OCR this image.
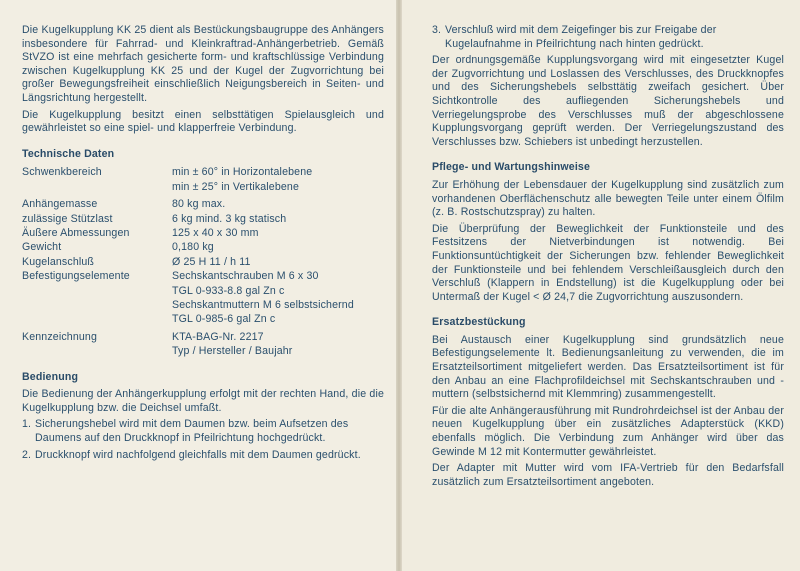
Die Kugelkupplung KK 25 dient als Bestückungsbaugruppe des Anhängers insbesondere für Fahrrad- und Kleinkraftrad-Anhängerbetrieb. Gemäß StVZO ist eine mehrfach gesicherte form- und kraftschlüssige Verbindung zwischen Kugelkupplung KK 25 und der Kugel der Zugvorrichtung bei großer Bewegungsfreiheit einschließlich Neigungsbereich in Seiten- und Längsrichtung hergestellt.

Die Kugelkupplung besitzt einen selbsttätigen Spielausgleich und gewährleistet so eine spiel- und klapperfreie Verbindung.

Technische Daten
Schwenkbereich	min ± 60° in Horizontalebene
min ± 25° in Vertikalebene

Anhängemasse	80 kg max.

zulässige Stützlast	6 kg mind. 3 kg statisch

Äußere Abmessungen	125 x 40 x 30 mm

Gewicht	0,180 kg

Kugelanschluß	Ø 25 H 11 / h 11

Befestigungselemente	Sechskantschrauben M 6 x 30
TGL 0-933-8.8 gal Zn c
Sechskantmuttern M 6 selbstsichernd
TGL 0-985-6 gal Zn c

Kennzeichnung	KTA-BAG-Nr. 2217
Typ / Hersteller / Baujahr
Bedienung

Die Bedienung der Anhängerkupplung erfolgt mit der rechten Hand, die die Kugelkupplung bzw. die Deichsel umfaßt.

1. Sicherungshebel wird mit dem Daumen bzw. beim Aufsetzen des Daumens auf den Druckknopf in Pfeilrichtung hochgedrückt.
2. Druckknopf wird nachfolgend gleichfalls mit dem Daumen gedrückt.
3. Verschluß wird mit dem Zeigefinger bis zur Freigabe der Kugelaufnahme in Pfeilrichtung nach hinten gedrückt.

Der ordnungsgemäße Kupplungsvorgang wird mit eingesetzter Kugel der Zugvorrichtung und Loslassen des Verschlusses, des Druckknopfes und des Sicherungshebels selbsttätig zweifach gesichert. Über Sichtkontrolle des aufliegenden Sicherungshebels und Verriegelungsprobe des Verschlusses muß der abgeschlossene Kupplungsvorgang geprüft werden. Der Verriegelungszustand des Verschlusses bzw. Schiebers ist unbedingt herzustellen.

Pflege- und Wartungshinweise

Zur Erhöhung der Lebensdauer der Kugelkupplung sind zusätzlich zum vorhandenen Oberflächenschutz alle bewegten Teile unter einem Ölfilm (z. B. Rostschutzspray) zu halten.

Die Überprüfung der Beweglichkeit der Funktionsteile und des Festsitzens der Nietverbindungen ist notwendig. Bei Funktionsuntüchtigkeit der Sicherungen bzw. fehlender Beweglichkeit der Funktionsteile und bei fehlendem Verschleißausgleich durch den Verschluß (Klappern in Endstellung) ist die Kugelkupplung oder bei Untermaß der Kugel < Ø 24,7 die Zugvorrichtung auszusondern.

Ersatzbestückung

Bei Austausch einer Kugelkupplung sind grundsätzlich neue Befestigungselemente lt. Bedienungsanleitung zu verwenden, die im Ersatzteilsortiment mitgeliefert werden. Das Ersatzteilsortiment ist für den Anbau an eine Flachprofildeichsel mit Sechskantschrauben und -muttern (selbstsichernd mit Klemmring) zusammengestellt.

Für die alte Anhängerausführung mit Rundrohrdeichsel ist der Anbau der neuen Kugelkupplung über ein zusätzliches Adapterstück (KKD) ebenfalls möglich. Die Verbindung zum Anhänger wird über das Gewinde M 12 mit Kontermutter gewährleistet.

Der Adapter mit Mutter wird vom IFA-Vertrieb für den Bedarfsfall zusätzlich zum Ersatzteilsortiment angeboten.
